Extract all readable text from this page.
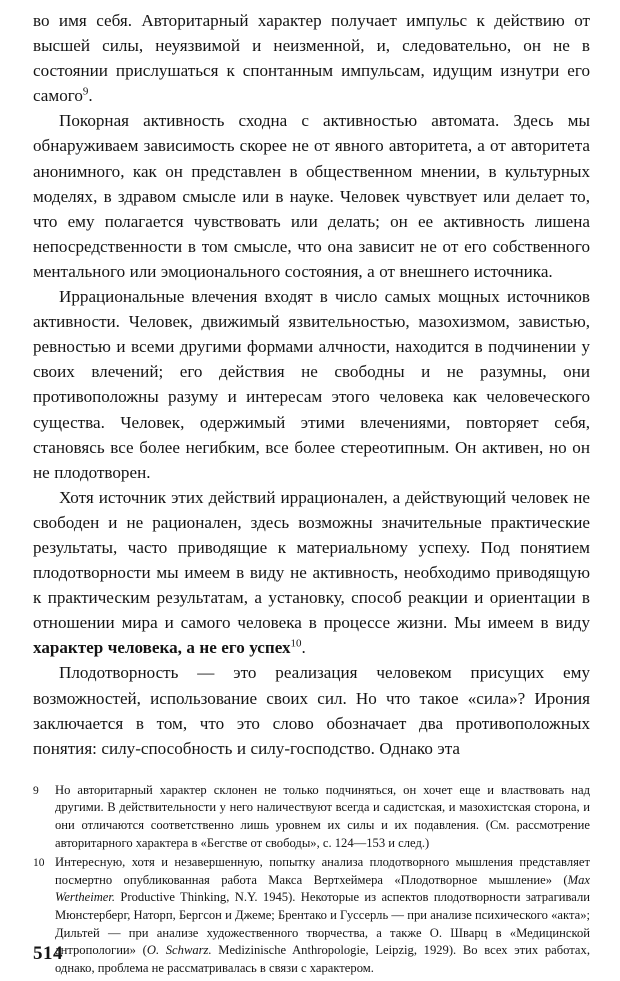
во имя себя. Авторитарный характер получает импульс к действию от высшей силы, неуязвимой и неизменной, и, следовательно, он не в состоянии прислушаться к спонтанным импульсам, идущим изнутри его самого$^9$.

Покорная активность сходна с активностью автомата. Здесь мы обнаруживаем зависимость скорее не от явного авторитета, а от авторитета анонимного, как он представлен в общественном мнении, в культурных моделях, в здравом смысле или в науке. Человек чувствует или делает то, что ему полагается чувствовать или делать; он ее активность лишена непосредственности в том смысле, что она зависит не от его собственного ментального или эмоционального состояния, а от внешнего источника.

Иррациональные влечения входят в число самых мощных источников активности. Человек, движимый язвительностью, мазохизмом, завистью, ревностью и всеми другими формами алчности, находится в подчинении у своих влечений; его действия не свободны и не разумны, они противоположны разуму и интересам этого человека как человеческого существа. Человек, одержимый этими влечениями, повторяет себя, становясь все более негибким, все более стереотипным. Он активен, но он не плодотворен.

Хотя источник этих действий иррационален, а действующий человек не свободен и не рационален, здесь возможны значительные практические результаты, часто приводящие к материальному успеху. Под понятием плодотворности мы имеем в виду не активность, необходимо приводящую к практическим результатам, а установку, способ реакции и ориентации в отношении мира и самого человека в процессе жизни. Мы имеем в виду характер человека, а не его успех$^{10}$.

Плодотворность — это реализация человеком присущих ему возможностей, использование своих сил. Но что такое «сила»? Ирония заключается в том, что это слово обозначает два противоположных понятия: силу-способность и силу-господство. Однако эта

9	Но авторитарный характер склонен не только подчиняться, он хочет еще и властвовать над другими. В действительности у него наличествуют всегда и садистская, и мазохистская сторона, и они отличаются соответственно лишь уровнем их силы и их подавления. (См. рассмотрение авторитарного характера в «Бегстве от свободы», с. 124—153 и след.)
10 Интересную, хотя и незавершенную, попытку анализа плодотворного мышления представляет посмертно опубликованная работа Макса Вертхеймера «Плодотворное мышление» (Max Wertheimer. Productive Thinking, N.Y. 1945). Некоторые из аспектов плодотворности затрагивали Мюнстерберг, Наторп, Бергсон и Джеме; Брентако и Гуссерль — при анализе психического «акта»; Дильтей — при анализе художественного творчества, а также О. Шварц в «Медицинской антропологии» (O. Schwarz. Medizinische Anthropologie, Leipzig, 1929). Во всех этих работах, однако, проблема не рассматривалась в связи с характером.
514
